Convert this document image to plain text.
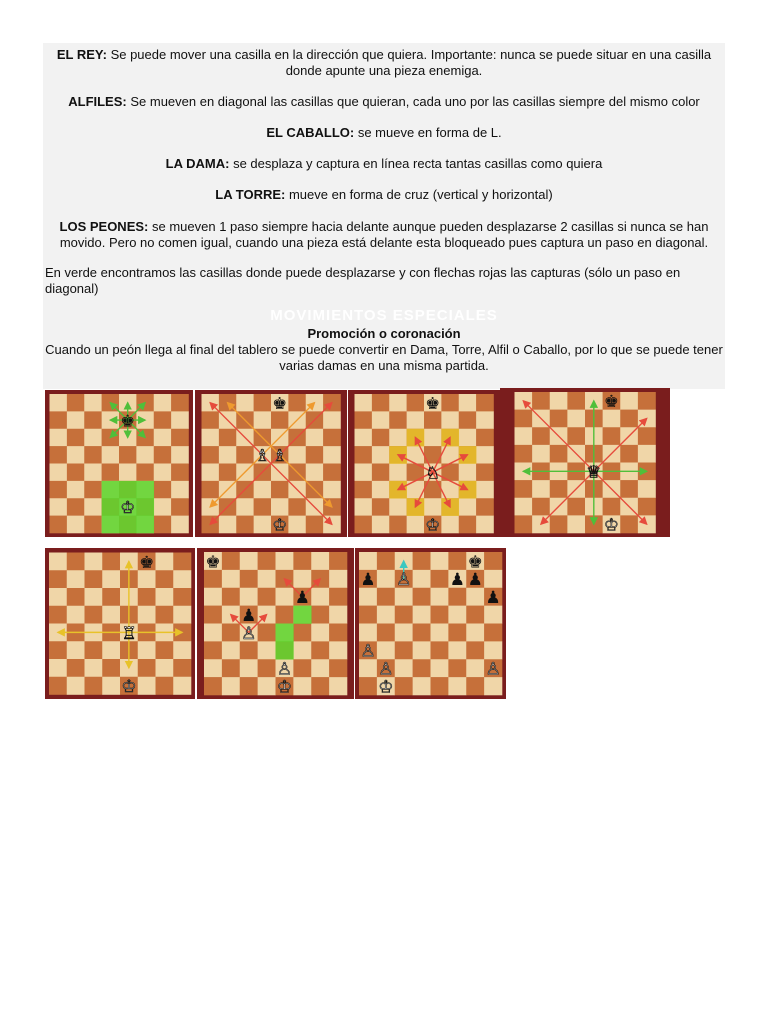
EL REY: Se puede mover una casilla en la dirección que quiera. Importante: nunca se puede situar en una casilla donde apunte una pieza enemiga.
ALFILES: Se mueven en diagonal las casillas que quieran, cada uno por las casillas siempre del mismo color
EL CABALLO: se mueve en forma de L.
LA DAMA: se desplaza y captura en línea recta tantas casillas como quiera
LA TORRE: mueve en forma de cruz (vertical y horizontal)
LOS PEONES: se mueven 1 paso siempre hacia delante aunque pueden desplazarse 2 casillas si nunca se han movido. Pero no comen igual, cuando una pieza está delante esta bloqueado pues captura un paso en diagonal.
En verde encontramos las casillas donde puede desplazarse y con flechas rojas las capturas (sólo un paso en diagonal)
MOVIMIENTOS ESPECIALES
Promoción o coronación
Cuando un peón llega al final del tablero se puede convertir en Dama, Torre, Alfil o Caballo, por lo que se puede tener varias damas en una misma partida.
♚
♔
♚
♗ ♗
♔
♚
♘
♔
♚
♕
♔
♚
♖
♔
♚
♟
♙
♟
♙
♔
♚
♟ ♙ ♟ ♟
♟
♙
♙	♙
♔
